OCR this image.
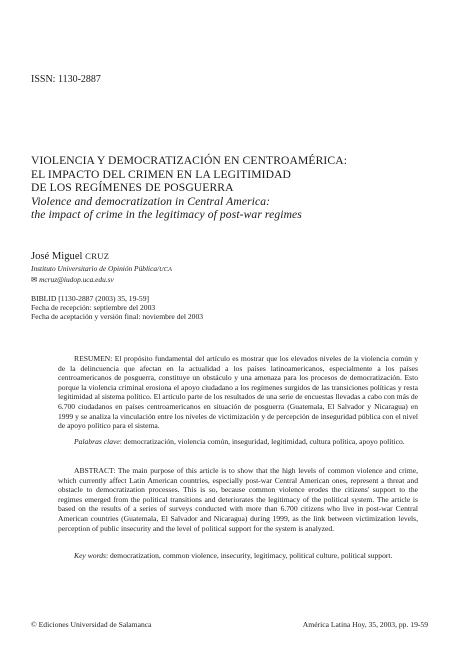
ISSN: 1130-2887
VIOLENCIA Y DEMOCRATIZACIÓN EN CENTROAMÉRICA:
EL IMPACTO DEL CRIMEN EN LA LEGITIMIDAD
DE LOS REGÍMENES DE POSGUERRA
Violence and democratization in Central America:
the impact of crime in the legitimacy of post-war regimes
José Miguel CRUZ
Instituto Universitario de Opinión Pública/UCA
✉ mcruz@iudop.uca.edu.sv
BIBLID [1130-2887 (2003) 35, 19-59]
Fecha de recepción: septiembre del 2003
Fecha de aceptación y versión final: noviembre del 2003
RESUMEN: El propósito fundamental del artículo es mostrar que los elevados niveles de la violencia común y de la delincuencia que afectan en la actualidad a los países latinoamericanos, especialmente a los países centroamericanos de posguerra, constituye un obstáculo y una amenaza para los procesos de democratización. Esto porque la violencia criminal erosiona el apoyo ciudadano a los regímenes surgidos de las transiciones políticas y resta legitimidad al sistema político. El artículo parte de los resultados de una serie de encuestas llevadas a cabo con más de 6.700 ciudadanos en países centroamericanos en situación de posguerra (Guatemala, El Salvador y Nicaragua) en 1999 y se analiza la vinculación entre los niveles de victimización y de percepción de inseguridad pública con el nivel de apoyo político para el sistema.
Palabras clave: democratización, violencia común, inseguridad, legitimidad, cultura política, apoyo político.
ABSTRACT: The main purpose of this article is to show that the high levels of common violence and crime, which currently affect Latin American countries, especially post-war Central American ones, represent a threat and obstacle to democratization processes. This is so, because common violence erodes the citizens' support to the regimes emerged from the political transitions and deteriorates the legitimacy of the political system. The article is based on the results of a series of surveys conducted with more than 6.700 citizens who live in post-war Central American countries (Guatemala, El Salvador and Nicaragua) during 1999, as the link between victimization levels, perception of public insecurity and the level of political support for the system is analyzed.
Key words: democratization, common violence, insecurity, legitimacy, political culture, political support.
© Ediciones Universidad de Salamanca	América Latina Hoy, 35, 2003, pp. 19-59
